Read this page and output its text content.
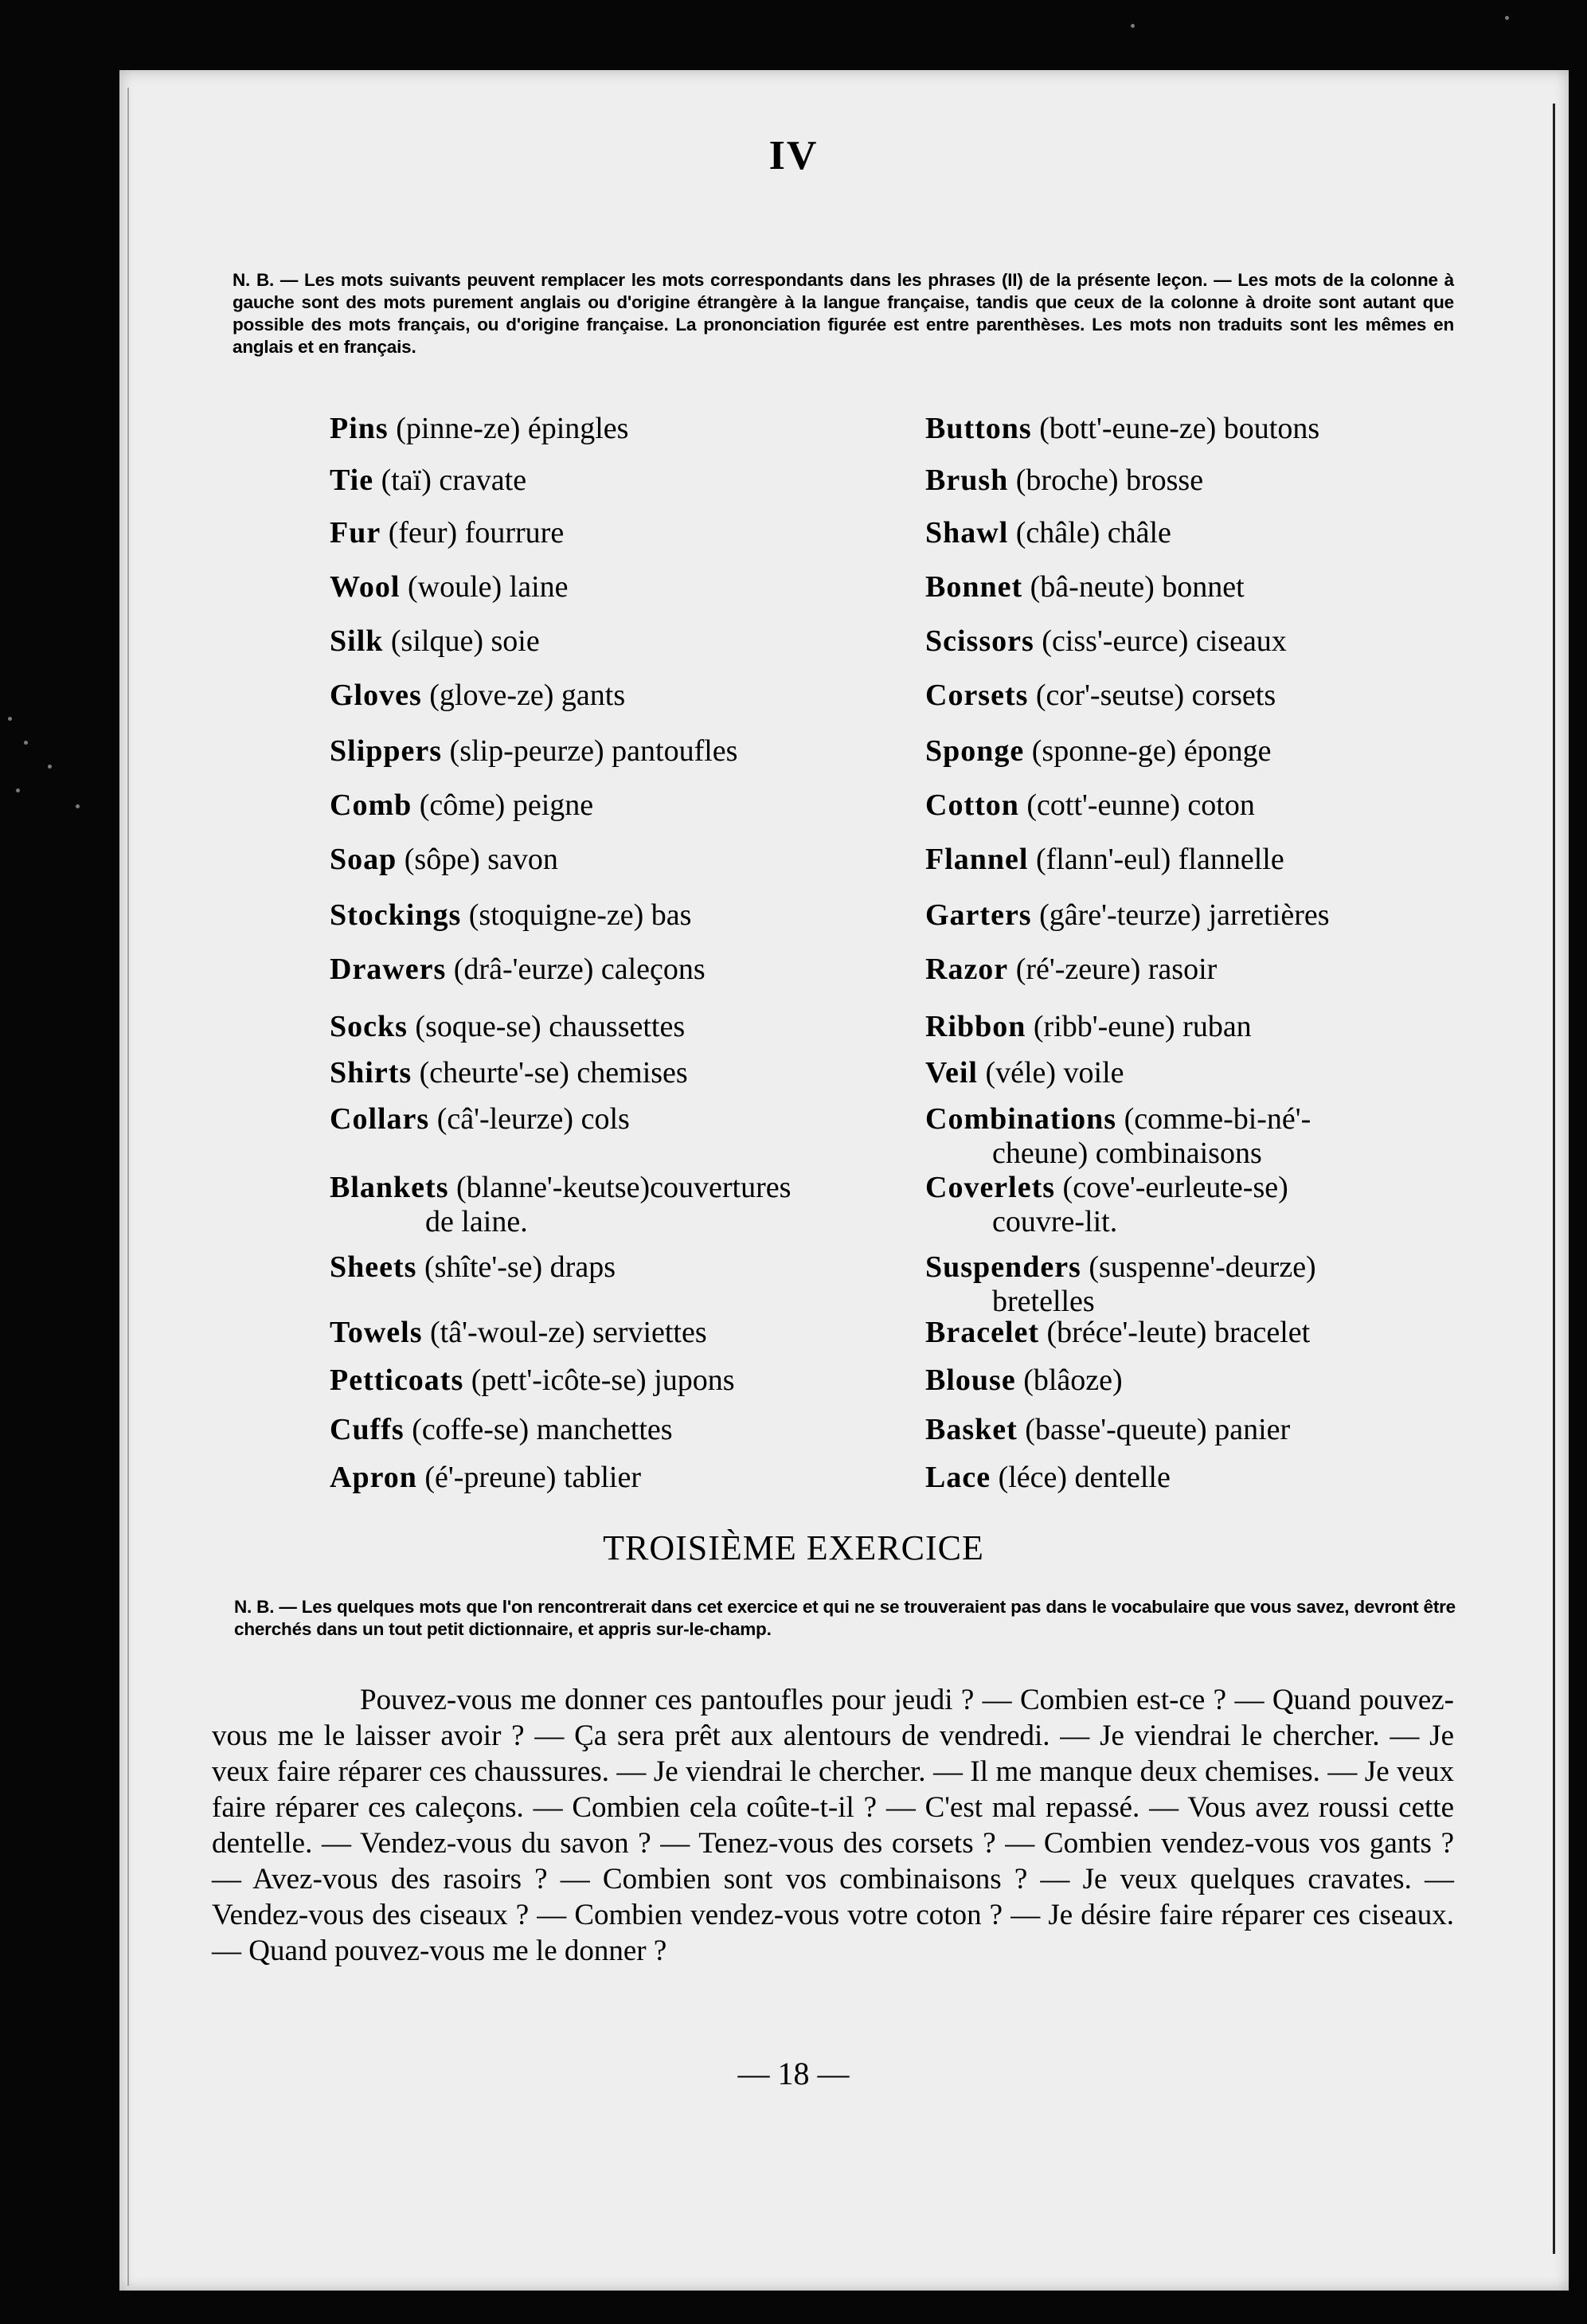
IV
N. B. — Les mots suivants peuvent remplacer les mots correspondants dans les phrases (II) de la présente leçon. — Les mots de la colonne à gauche sont des mots purement anglais ou d'origine étrangère à la langue française, tandis que ceux de la colonne à droite sont autant que possible des mots français, ou d'origine française. La prononciation figurée est entre parenthèses. Les mots non traduits sont les mêmes en anglais et en français.
Pins (pinne-ze) épingles
Tie (taï) cravate
Fur (feur) fourrure
Wool (woule) laine
Silk (silque) soie
Gloves (glove-ze) gants
Slippers (slip-peurze) pantoufles
Comb (côme) peigne
Soap (sôpe) savon
Stockings (stoquigne-ze) bas
Drawers (drâ-'eurze) caleçons
Socks (soque-se) chaussettes
Shirts (cheurte'-se) chemises
Collars (câ'-leurze) cols
Blankets (blanne'-keutse)couvertures
de laine.
Sheets (shîte'-se) draps
Towels (tâ'-woul-ze) serviettes
Petticoats (pett'-icôte-se) jupons
Cuffs (coffe-se) manchettes
Apron (é'-preune) tablier
Buttons (bott'-eune-ze) boutons
Brush (broche) brosse
Shawl (châle) châle
Bonnet (bâ-neute) bonnet
Scissors (ciss'-eurce) ciseaux
Corsets (cor'-seutse) corsets
Sponge (sponne-ge) éponge
Cotton (cott'-eunne) coton
Flannel (flann'-eul) flannelle
Garters (gâre'-teurze) jarretières
Razor (ré'-zeure) rasoir
Ribbon (ribb'-eune) ruban
Veil (véle) voile
Combinations (comme-bi-né'-
cheune) combinaisons
Coverlets (cove'-eurleute-se)
couvre-lit.
Suspenders (suspenne'-deurze)
bretelles
Bracelet (bréce'-leute) bracelet
Blouse (blâoze)
Basket (basse'-queute) panier
Lace (léce) dentelle
TROISIÈME EXERCICE
N. B. — Les quelques mots que l'on rencontrerait dans cet exercice et qui ne se trouveraient pas dans le vocabulaire que vous savez, devront être cherchés dans un tout petit dictionnaire, et appris sur-le-champ.

Pouvez-vous me donner ces pantoufles pour jeudi ? — Combien est-ce ? — Quand pouvez-vous me le laisser avoir ? — Ça sera prêt aux alentours de vendredi. — Je viendrai le chercher. — Je veux faire réparer ces chaussures. — Je viendrai le chercher. — Il me manque deux chemises. — Je veux faire réparer ces caleçons. — Combien cela coûte-t-il ? — C'est mal repassé. — Vous avez roussi cette dentelle. — Vendez-vous du savon ? — Tenez-vous des corsets ? — Combien vendez-vous vos gants ? — Avez-vous des rasoirs ? — Combien sont vos combinaisons ? — Je veux quelques cravates. — Vendez-vous des ciseaux ? — Combien vendez-vous votre coton ? — Je désire faire réparer ces ciseaux. — Quand pouvez-vous me le donner ?

— 18 —
